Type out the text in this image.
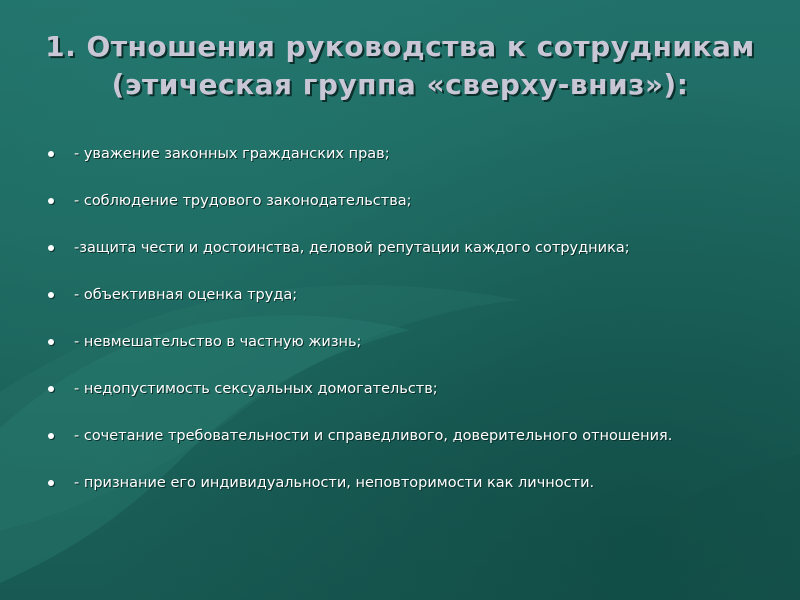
1. Отношения руководства к сотрудникам (этическая группа «сверху-вниз»):
- уважение законных гражданских прав;
- соблюдение трудового законодательства;
-защита чести и достоинства, деловой репутации каждого сотрудника;
- объективная оценка труда;
- невмешательство в частную жизнь;
- недопустимость сексуальных домогательств;
- сочетание требовательности и справедливого, доверительного отношения.
- признание его индивидуальности, неповторимости как личности.
